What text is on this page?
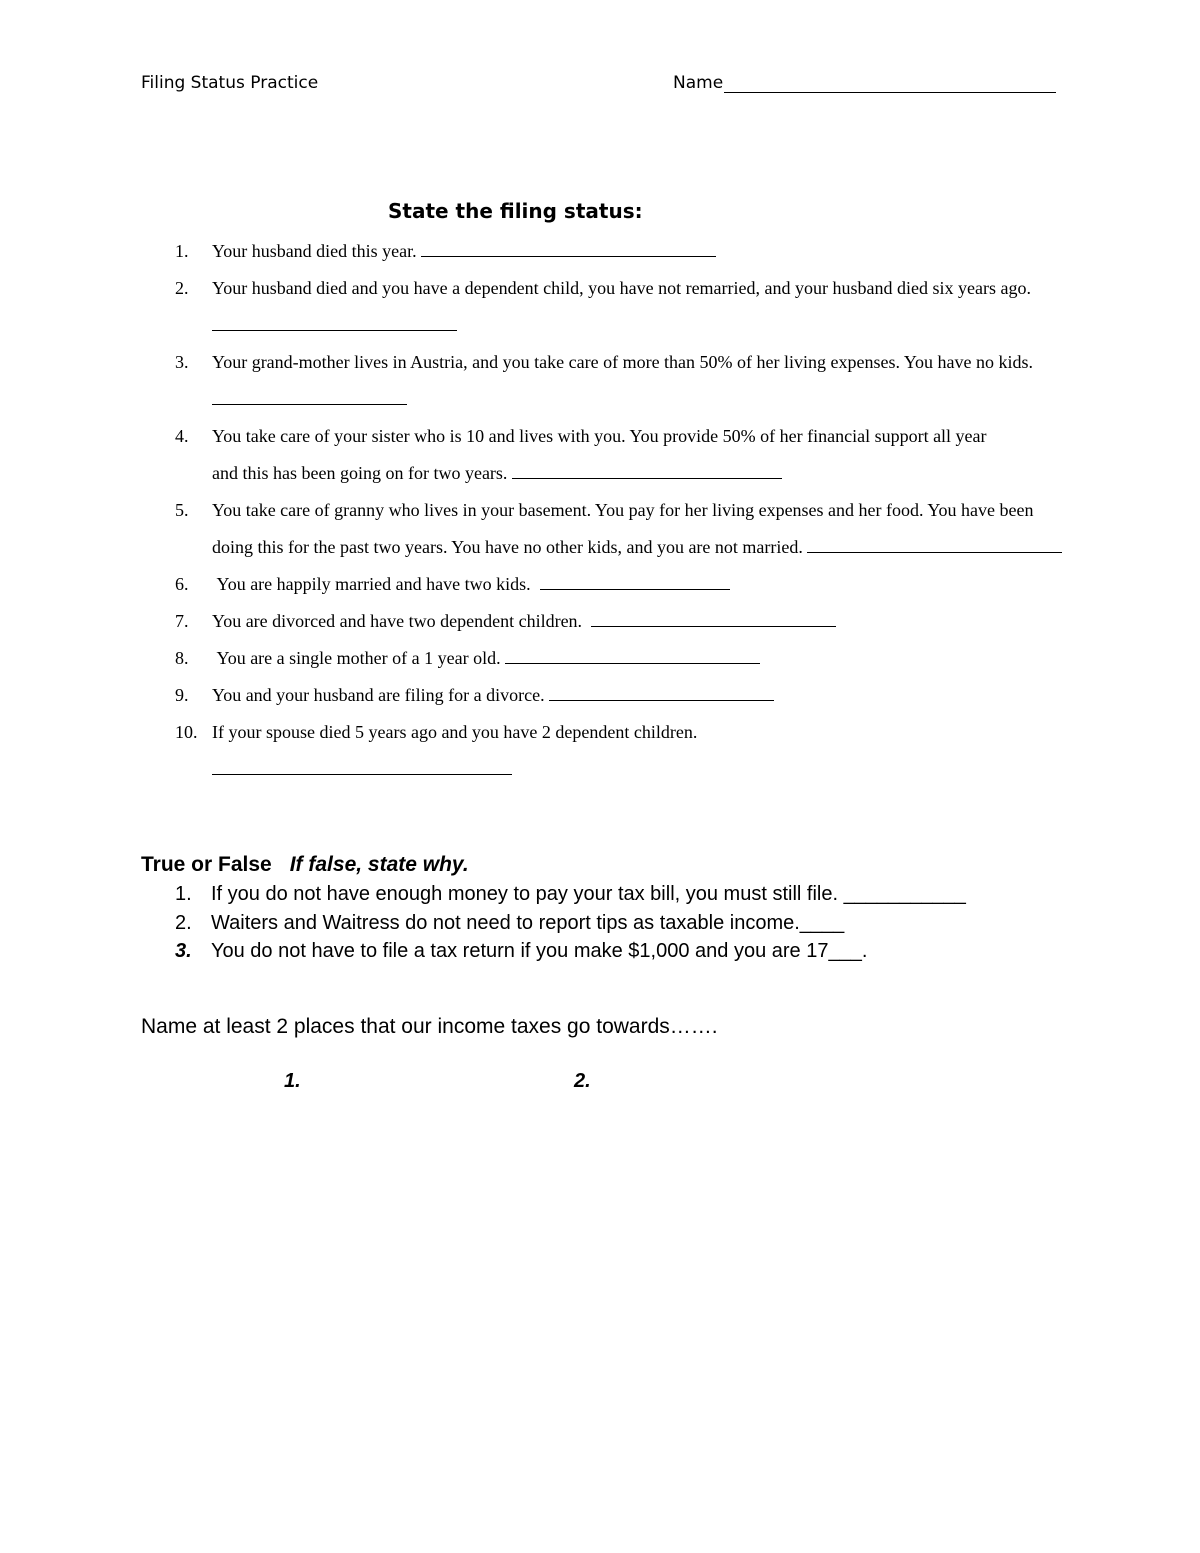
Filing Status Practice	Name
State the filing status:
1.	Your husband died this year.
2.	Your husband died and you have a dependent child, you have not remarried, and your husband died six years ago.
3.	Your grand-mother lives in Austria, and you take care of more than 50% of her living expenses. You have no kids.
4.	You take care of your sister who is 10 and lives with you. You provide 50% of her financial support all year and this has been going on for two years.
5.	You take care of granny who lives in your basement. You pay for her living expenses and her food. You have been doing this for the past two years. You have no other kids, and you are not married.
6.	You are happily married and have two kids.
7.	You are divorced and have two dependent children.
8.	You are a single mother of a 1 year old.
9.	You and your husband are filing for a divorce.
10. If your spouse died 5 years ago and you have 2 dependent children.
True or False If false, state why.
1. If you do not have enough money to pay your tax bill, you must still file. ___________
2. Waiters and Waitress do not need to report tips as taxable income.____
3. You do not have to file a tax return if you make $1,000 and you are 17___.
Name at least 2 places that our income taxes go towards…….
1.	2.
